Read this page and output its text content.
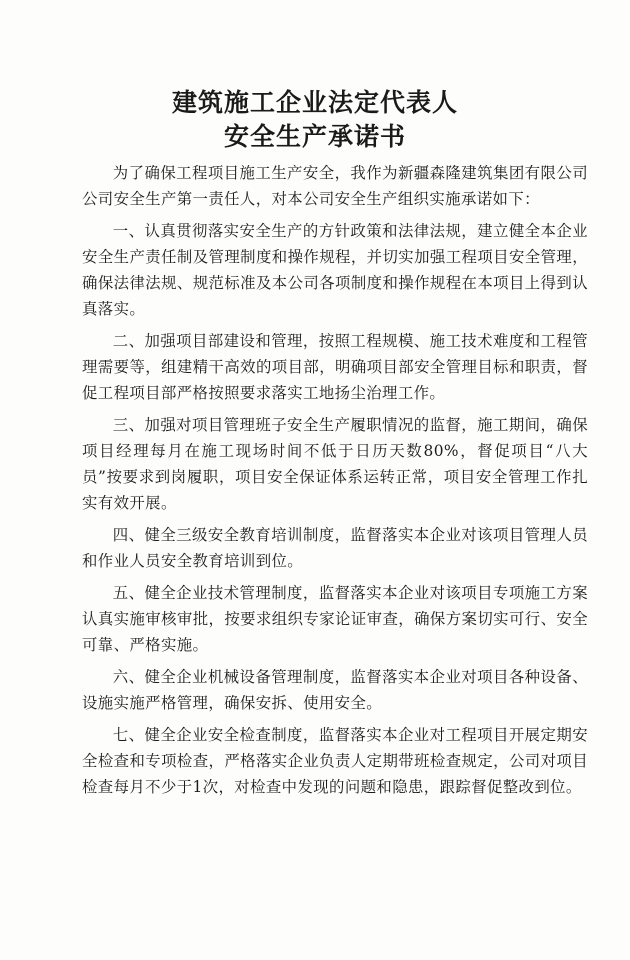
建筑施工企业法定代表人
安全生产承诺书

为了确保工程项目施工生产安全，我作为新疆森隆建筑集团有限公司公司安全生产第一责任人，对本公司安全生产组织实施承诺如下：

一、认真贯彻落实安全生产的方针政策和法律法规，建立健全本企业安全生产责任制及管理制度和操作规程，并切实加强工程项目安全管理，确保法律法规、规范标准及本公司各项制度和操作规程在本项目上得到认真落实。

二、加强项目部建设和管理，按照工程规模、施工技术难度和工程管理需要等，组建精干高效的项目部，明确项目部安全管理目标和职责，督促工程项目部严格按照要求落实工地扬尘治理工作。

三、加强对项目管理班子安全生产履职情况的监督，施工期间，确保项目经理每月在施工现场时间不低于日历天数80%，督促项目“八大员”按要求到岗履职，项目安全保证体系运转正常，项目安全管理工作扎实有效开展。

四、健全三级安全教育培训制度，监督落实本企业对该项目管理人员和作业人员安全教育培训到位。

五、健全企业技术管理制度，监督落实本企业对该项目专项施工方案认真实施审核审批，按要求组织专家论证审查，确保方案切实可行、安全可靠、严格实施。

六、健全企业机械设备管理制度，监督落实本企业对项目各种设备、设施实施严格管理，确保安拆、使用安全。

七、健全企业安全检查制度，监督落实本企业对工程项目开展定期安全检查和专项检查，严格落实企业负责人定期带班检查规定，公司对项目检查每月不少于1次，对检查中发现的问题和隐患，跟踪督促整改到位。
